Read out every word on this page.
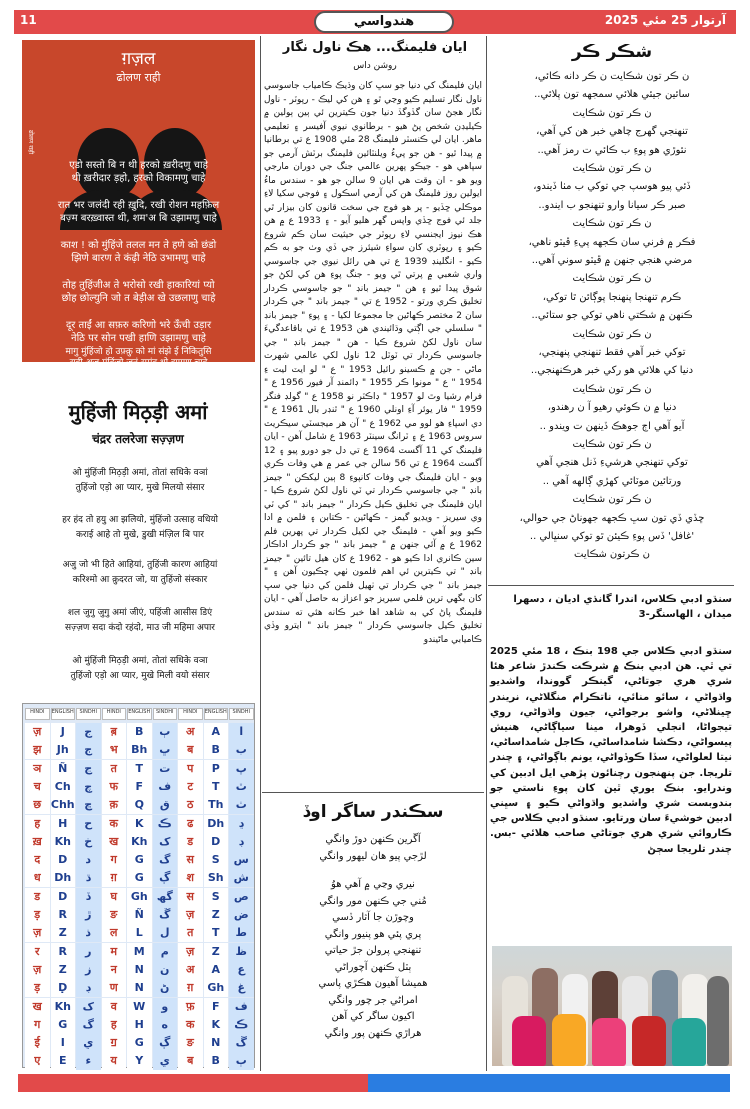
11	هندواسي	آرتوار 25 مئي 2025
ग़ज़ल
ढोलण राही
ढोलण राही
एडो सस्तो बि न थी हरको ख़रीदणु चाहे
थी ख़रीदार ड़हो, हरको विकामणु चाहे
रात भर जलंदी रही ख़ुदि, रखी रोशन महफ़िल
बज़्म बरख़्वास्त थी, शम'अ बि उझामणु चाहे
काश ! को मुंहिंजे तलल मन ते हणे को छंडो
झिणे बारण ते कंढ़ी नेठि उभामणु चाहे
तोह तुहिंजीअ ते भरोसो रखी हाकारियां प्यो
छोह छोल्युनि जो त बेड़ीअ खे उछलाणु चाहे
दूर ताईं आ सफ़रु करिणो भरे ऊँची उड़ार
नेठि पर सोन पखी हाणि उझामणु चाहे
मागु मुंहिंजो हो उफ़्क़ु को मां संझे ई निकितुसि
राही अजु मुंहिंजो जूनूं समुंडु थो झाग़णु चाहे
मुहिंजी मिठ़ड़ी अमां
चंद्रर तलरेजा सज़्ज़ण
ओ मुंहिंजी मिठ़ड़ी अमां, तोतां सधिके वञां
तुहिंजो एड़ो आ प्यार, मुखे मिलयो संसार
हर हंद तो हयु आ झलियो, मुंहिंजो उत्साह वधियो
कराई आहे तो मुखे, डुखी मंज़िल बि पार
अजु जो भी हिते आहियां, तुहिंजी कारण आहियां
करिश्मो आ क़ुदरत जो, या तुहिंजो संस्कार
शल जुगु जुगु अमां जीएं, पहिंजी आसीस डिएं
सज़्ज़ण सदा कंदो रहंदो, माउ जी महिमा अपार
ओ मुंहिंजी मिठ़ड़ी अमां, तोतां सधिके वञा
तुहिंजो एड़ो आ प्यार, मुखे मिली वयो संसार
HINDI	ENGLISH	SINDHI	HINDI	ENGLISH	SINDHI	HINDI	ENGLISH	SINDHI
ज़	J	ج	ब़	B	ٻ	अ	A	ا
झ	Jh	ڄ	भ	Bh	ڀ	ब	B	ب
ञ	Ñ	ڃ	त	T	ت	प	P	پ
च	Ch	چ	फ	F	ف	ट	T	ٽ
छ Chh ڇ	क़	Q	ق	ठ	Th	ٺ
ह	H	ح	क	K	ڪ	ढ	Dh	ڍ
ख़	Kh	خ	ख	Kh	ک	ड	D	ڊ
द	D	د	ग	G	گ	स	S	س
ध	Dh	ڌ	ग़	G	ڳ	श	Sh ش
ड	D	ڏ	घ	Gh گھ	स	S	ص
ड़	R	ڙ	ङ	Ñ	ڱ	ज़	Z	ض
ज़	Z	ذ	ल	L	ل	त	T	ط
र	R	ر	म	M	م	ज़	Z	ظ
ज़	Z	ز	न	N	ن	अ	A	ع
ड़	Ḍ	ڊ	ण	N	ڻ	ग़	Gh	غ
ख	Kh	ک	व	W	و	फ़	F	ف
ग	G	گ	ह	H	ه	क	K	ڪ
ई	I	ي	ॻ	G	ڳ	ङ	N	ڱ
ए	E	ء	य	Y	ي	ब	B	ٻ
ايان فليمنگ... هڪ ناول نگار
روشن داس
ايان فليمنگ کي دنيا جو سڀ کان وڌيڪ ڪامياب جاسوسي ناول نگار تسليم ڪيو وڃي ٿو ۽ هن کي ليڪ - رپوٽر - ناول نگار هجڻ سان گڏوگڏ دنيا جون ڪيترين ئي ٻين ٻولين ۾ ڪيليڊن شخص پڻ هيو - برطانوي نيوي آفيسر ۽ تعليمي ماهر. ايان لي ڪنسٽر فليمنگ 28 مئي 1908 ع تي برطانيا ۾ پيدا ٿيو - هن جو پيءُ ويلنٽائين فليمنگ برٽش آرمي جو سپاهي هو - جيڪو پهرين عالمي جنگ جي دوران مارجي ويو هو - ان وقت هي ايان 9 سالن جو هو - سندس ماءُ ايولين روز فليمنگ هن کي آرمي اسڪول ۽ فوجي سکيا لاءِ موڪلي ڇڏيو - پر هو فوج جي سخت قانون کان بيزار ٿي جلد ئي فوج ڇڏي واپس گهر هليو آيو - ۽ 1933 ع ۾ هن هڪ نيوز ايجنسي لاءِ رپوٽر جي حيثيت سان ڪم شروع ڪيو ۽ رپوٽري کان سواءِ شيئرز جي ڏي وٺ جو به ڪم ڪيو - انگلينڊ 1939 ع تي هي رائل نيوي جي جاسوسي واري شعبي ۾ پرتي ٿي ويو - جنگ پوءِ هن کي لکڻ جو شوق پيدا ٿيو ۽ هن " جيمز بانڊ " جو جاسوسي ڪردار تخليق ڪري ورتو - 1952 ع تي " جيمز بانڊ " جي ڪردار سان 2 مختصر ڪهاڻين جا مجموعا لکيا - ۽ پوءِ " جيمز بانڊ " سلسلي جي اڳتي وڌائيندي هن 1953 ع تي باقاعدگيءَ سان ناول لکڻ شروع ڪيا - هن " جيمز بانڊ " جي جاسوسي ڪردار تي ٽوٽل 12 ناول لکي عالمي شهرت ماڻي - جن ۾ ڪسينو رائيل 1953 " ع " لو ايٽ ليٽ ءِ 1954 " ع " مونوا ڪر 1955 " ڊائمنڊ آر فيور 1956 ع " فرام رشيا وٿ لو 1957 " ڊاڪٽر نو 1958 ع " گولڊ فنگر 1959 " فار يوئر آءِ اونلي 1960 ع " ٿنڊر بال 1961 ع " دي اسپاءِ هو لوو مي 1962 ع " آن هر ميجسٽي سيڪريٽ سروس 1963 ع ۽ ٽرانگ سينٽر 1963 ع شامل آهن - ايان فليمنگ کي 11 آگسٽ 1964 ع تي دل جو دورو پيو ۽ 12 آگسٽ 1964 ع تي 56 سالن جي عمر ۾ هي وفات ڪري ويو - ايان فليمنگ جي وفات کانپوءِ 8 ٻين ليکڪن " جيمز بانڊ " جي جاسوسي ڪردار تي ٽي ناول لکڻ شروع ڪيا - ايان فليمنگ جي تخليق ڪيل ڪردار " جيمز بانڊ " کي ٽي وي سيريز - ويڊيو گيمز - ڪهاڻين - ڪتابن ۽ فلمن ۾ ادا ڪيو ويو آهي - فليمنگ جي لکيل ڪردار تي پهرين فلم 1962 ع ۾ آئي جنهن ۾ " جيمز بانڊ " جو ڪردار اداڪار سين ڪانري ادا ڪيو هو - 1962 ع کان هيل تائين " جيمز بانڊ " تي ڪيترين ئي اهم فلمون ٺهي چڪيون آهن ۽ " جيمز بانڊ " جي ڪردار تي ٺهيل فلمن کي دنيا جي سڀ کان بگهي ترين فلمي سيريز جو اعزاز به حاصل آهي - ايان فليمنگ پاڻ کي به شاهد اها خبر ڪانه هئي ته سندس تخليق ڪيل جاسوسي ڪردار " جيمز بانڊ " ايترو وڏي ڪاميابي ماڻيندو
سڪندر ساگر اوڏ
آڱرين ڪنهن دوڙ وانگي
لڙجي پيو هان ليهور وانگي
نيري وڃي ۾ آهي هوُ
مُني جي ڪنهن مور وانگي
وچوڙن جا آثار ڏسي
پري پئي هو پنيور وانگي
تنهنجي پرولن جڙ حياتي
ٻٽل ڪنهن آچوراڻي
هميشا آهيون هڪڙي پاسي
امراڻي جر چور وانگي
اکيون ساگر کي آهن
هراڙي ڪنهن پور وانگي
شڪر ڪر
ن ڪر تون شڪايت ن ڪر دانه ڪائي،
سائين جيئي هلائي سمجهه تون پلائي..
ن ڪر تون شڪايت
تنهنجي گهرج چاهي خبر هن کي آهي،
نئوڙي هو پوءِ ب ڪائي ت رمز آهي..
ن ڪر تون شڪايت
ڏئي پيو هوسپ جي توکي ب مٺا ڏيندو،
صبر ڪر سيانا وارو تنهنجو ب ايندو..
ن ڪر تون شڪايت
فڪر ۾ فرني سان ڪجهه پيءِ ڦيٽو ناهي،
مرضي هنجي جنهن ۾ ڦيٽو سوني آهي..
ن ڪر تون شڪايت
ڪرم تنهنجا پنهنجا پوڳائن ٿا توکي،
ڪنهن ۾ شڪتي ناهي توکي جو ستائي..
ن ڪر تون شڪايت
توکي خبر آهي فقط تنهنجي پنهنجي،
دنيا کي هلائي هو رکي خبر هرڪنهنجي..
ن ڪر تون شڪايت
دنيا ۾ ن ڪوئي رهيو آ ن رهندو،
آيو آهي اڄ جوهڪ ڏينهن ت ويندو ..
ن ڪر تون شڪايت
توکي تنهنجي هرشيءِ ڏنل هنجي آهي
ورتائين موٽائي کهڙي ڳالهه آهي ..
ن ڪر تون شڪايت
ڇڏي ڏي تون سڀ ڪجهه جهوناڻ جي حوالي،
'غافل' ڏس پوءِ ڪيئن ٿو توکي سنڀالي ..
ن ڪرتون شڪايت
سنڌو ادبي ڪلاس، اندرا گانڌي اديان ، دسهرا ميدان ، الهاسنگر-3
سنڌو ادبي ڪلاس جي 198 بنڪ ، 18 مئي 2025 تي ٿي. هن ادبي بنڪ ۾ شرڪت ڪندڙ شاعر هئا شري هري جوتاڻي، گينڪر گووندا، واشديو واڌواڻي ، سائو منائي، ناتڪرام منگلاڻي، نريندر ڇينلاڻي، واشو برجواڻي، جيون واڌواڻي، روي تيجواڻا، انجلي ڏوهرا، مينا سياڳاڻي، هنيش پيسواڻي، دڪشا شامداساڻي، ڪاجل شامداساڻي، نيتا لعلواڻي، سڏا ڪوڏواڻي، يونم باڳواڻي، ۽ چندر تلريجا. جن پنهنجون رچنائون پڙهي ايل ادبين کي وندرايو. بنڪ يوري ٿين کان پوءِ ناستي جو بندوبست شري واشديو واڌواڻي ڪيو ۽ سڀني ادبين خوشيءَ سان ورتايو. سنڌو ادبي ڪلاس جي ڪاروائي شري هري جوتاڻي صاحب هلائي -بس. چندر تلريجا سڄڻ
